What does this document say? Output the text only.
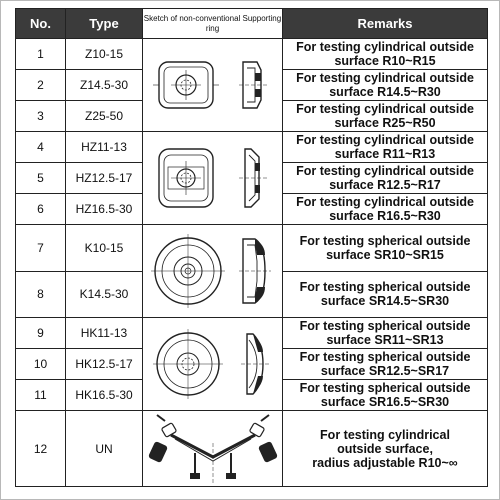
No.	Type	Sketch of non-conventional Supporting ring	Remarks
1	Z10-15		For testing cylindrical outside
surface R10~R15

2	Z14.5-30		For testing cylindrical outside
surface R14.5~R30

3	Z25-50		For testing cylindrical outside
surface R25~R50

4	HZ11-13		For testing cylindrical outside
surface R11~R13

5	HZ12.5-17		For testing cylindrical outside
surface R12.5~R17

6	HZ16.5-30		For testing cylindrical outside
surface R16.5~R30

7	K10-15		For testing spherical outside
surface SR10~SR15

8	K14.5-30		For testing spherical outside
surface SR14.5~SR30

9	HK11-13		For testing spherical outside
surface SR11~SR13

10	HK12.5-17		For testing spherical outside
surface SR12.5~SR17

11	HK16.5-30		For testing spherical outside
surface SR16.5~SR30

12	UN		For testing cylindrical
outside surface,
radius adjustable R10~∞
